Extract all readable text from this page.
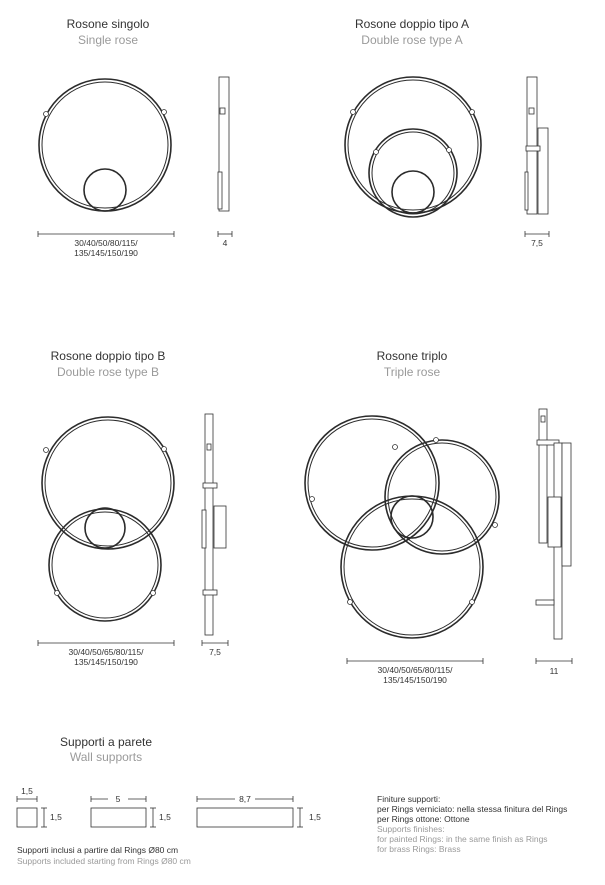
Rosone singolo
Single rose
Rosone doppio tipo A
Double rose type A
Rosone doppio tipo B
Double rose type B
Rosone triplo
Triple rose
30/40/50/80/115/
135/145/150/190
4	7,5
30/40/50/65/80/115/
135/145/150/190
7,5
30/40/50/65/80/115/
135/145/150/190
11
Supporti a parete
Wall supports
1,5
1,5
5
1,5
8,7
1,5
Supporti inclusi a partire dal Rings Ø80 cm
Supports included starting from Rings Ø80 cm
Finiture supporti:
per Rings verniciato: nella stessa finitura del Rings
per Rings ottone: Ottone
Supports finishes:
for painted Rings: in the same finish as Rings
for brass Rings: Brass
